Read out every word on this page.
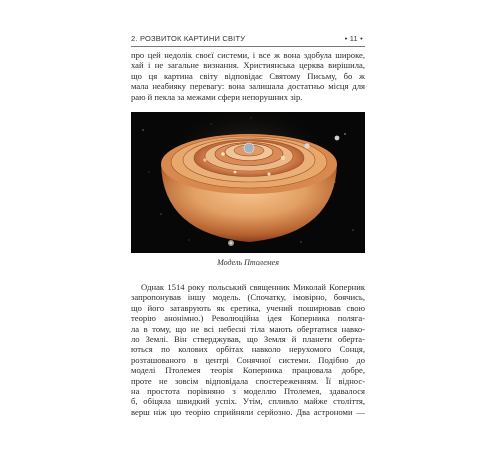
2. РОЗВИТОК КАРТИНИ СВІТУ	• 11 •
про цей недолік своєї системи, і все ж вона здобула широке,
хай і не загальне визнання. Християнська церква вирішила,
що ця картина світу відповідає Святому Письму, бо ж
мала неабияку перевагу: вона залишала достатньо місця для
раю й пекла за межами сфери непорушних зір.
Модель Птолемея
Однак 1514 року польський священник Миколай Коперник
запропонував іншу модель. (Спочатку, імовірно, боячись,
що його затаврують як єретика, учений поширював свою
теорію анонімно.) Революційна ідея Коперника поляга-
ла в тому, що не всі небесні тіла мають обертатися навко-
ло Землі. Він стверджував, що Земля й планети оберта-
ються по колових орбітах навколо нерухомого Сонця,
розташованого в центрі Сонячної системи. Подібно до
моделі Птолемея теорія Коперника працювала добре,
проте не зовсім відповідала спостереженням. Її віднос-
на простота порівняно з моделлю Птолемея, здавалося
б, обіцяла швидкий успіх. Утім, спливло майже століття,
верш ніж цю теорію сприйняли серйозно. Два астрономи —
